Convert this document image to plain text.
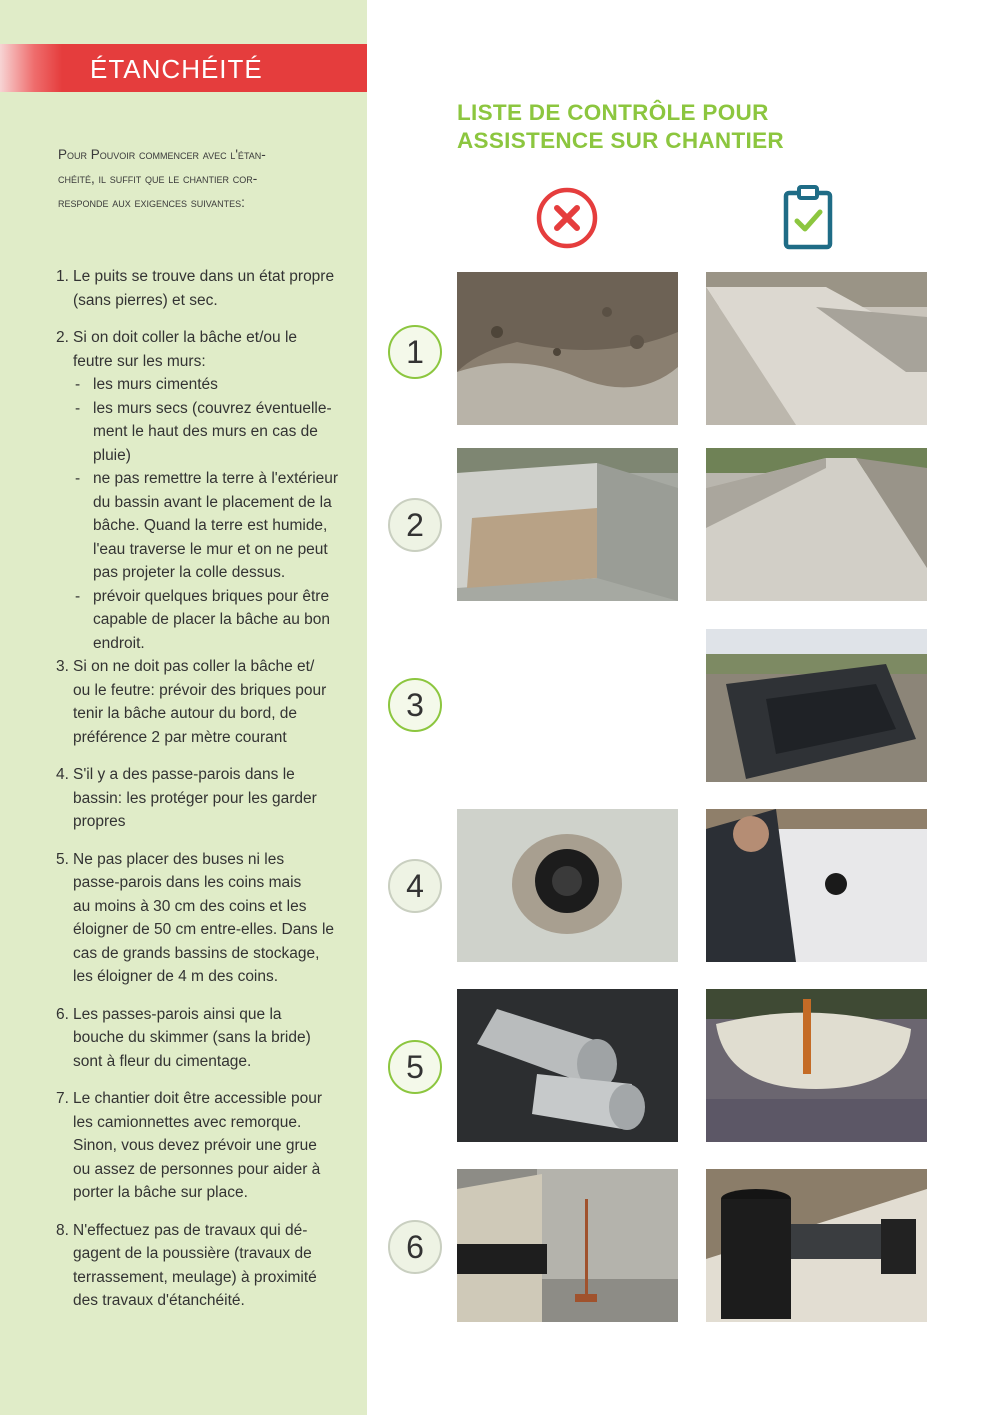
ÉTANCHÉITÉ
Pour Pouvoir commencer avec l'étan-
chéité, il suffit que le chantier cor-
responde aux exigences suivantes:
1. Le puits se trouve dans un état propre
(sans pierres) et sec.
2. Si on doit coller la bâche et/ou le
feutre sur les murs:
- les murs cimentés
- les murs secs (couvrez éventuelle-
ment le haut des murs en cas de
pluie)
- ne pas remettre la terre à l'extérieur
du bassin avant le placement de la
bâche. Quand la terre est humide,
l'eau traverse le mur et on ne peut
pas projeter la colle dessus.
- prévoir quelques briques pour être
capable de placer la bâche au bon
endroit.
3. Si on ne doit pas coller la bâche et/
ou le feutre: prévoir des briques pour
tenir la bâche autour du bord, de
préférence 2 par mètre courant
4. S'il y a des passe-parois dans le
bassin: les protéger pour les garder
propres
5. Ne pas placer des buses ni les
passe-parois dans les coins mais
au moins à 30 cm des coins et les
éloigner de 50 cm entre-elles. Dans le
cas de grands bassins de stockage,
les éloigner de 4 m des coins.
6. Les passes-parois ainsi que la
bouche du skimmer (sans la bride)
sont à fleur du cimentage.
7. Le chantier doit être accessible pour
les camionnettes avec remorque.
Sinon, vous devez prévoir une grue
ou assez de personnes pour aider à
porter la bâche sur place.
8. N'effectuez pas de travaux qui dé-
gagent de la poussière (travaux de
terrassement, meulage) à proximité
des travaux d'étanchéité.
LISTE DE CONTRÔLE POUR
ASSISTENCE SUR CHANTIER
1
2
3
4
5
6
